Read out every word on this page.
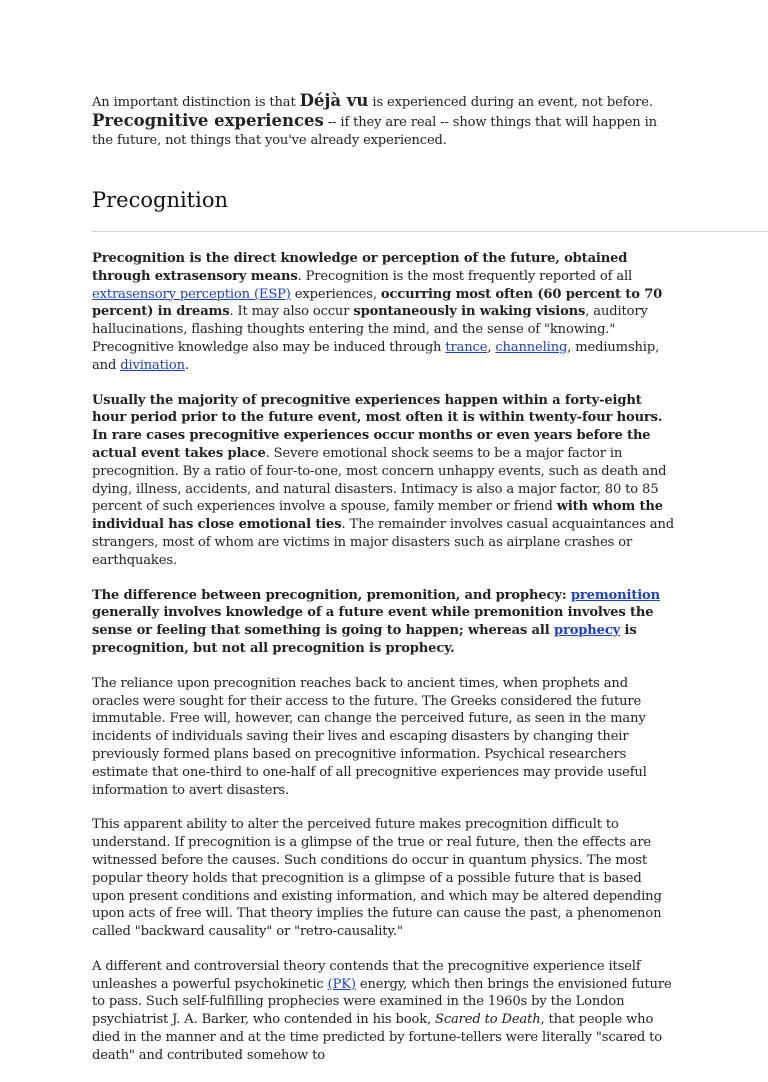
An important distinction is that Déjà vu is experienced during an event, not before.
Precognitive experiences -- if they are real -- show things that will happen in the future, not things that you've already experienced.
Precognition

Precognition is the direct knowledge or perception of the future, obtained through extrasensory means. Precognition is the most frequently reported of all extrasensory perception (ESP) experiences, occurring most often (60 percent to 70 percent) in dreams. It may also occur spontaneously in waking visions, auditory hallucinations, flashing thoughts entering the mind, and the sense of "knowing." Precognitive knowledge also may be induced through trance, channeling, mediumship, and divination.

Usually the majority of precognitive experiences happen within a forty-eight hour period prior to the future event, most often it is within twenty-four hours. In rare cases precognitive experiences occur months or even years before the actual event takes place. Severe emotional shock seems to be a major factor in precognition. By a ratio of four-to-one, most concern unhappy events, such as death and dying, illness, accidents, and natural disasters. Intimacy is also a major factor, 80 to 85 percent of such experiences involve a spouse, family member or friend with whom the individual has close emotional ties. The remainder involves casual acquaintances and strangers, most of whom are victims in major disasters such as airplane crashes or earthquakes.

The difference between precognition, premonition, and prophecy: premonition generally involves knowledge of a future event while premonition involves the sense or feeling that something is going to happen; whereas all prophecy is precognition, but not all precognition is prophecy.

The reliance upon precognition reaches back to ancient times, when prophets and oracles were sought for their access to the future. The Greeks considered the future immutable. Free will, however, can change the perceived future, as seen in the many incidents of individuals saving their lives and escaping disasters by changing their previously formed plans based on precognitive information. Psychical researchers estimate that one-third to one-half of all precognitive experiences may provide useful information to avert disasters.

This apparent ability to alter the perceived future makes precognition difficult to understand. If precognition is a glimpse of the true or real future, then the effects are witnessed before the causes. Such conditions do occur in quantum physics. The most popular theory holds that precognition is a glimpse of a possible future that is based upon present conditions and existing information, and which may be altered depending upon acts of free will. That theory implies the future can cause the past, a phenomenon called "backward causality" or "retro-causality."

A different and controversial theory contends that the precognitive experience itself unleashes a powerful psychokinetic (PK) energy, which then brings the envisioned future to pass. Such self-fulfilling prophecies were examined in the 1960s by the London psychiatrist J. A. Barker, who contended in his book, Scared to Death, that people who died in the manner and at the time predicted by fortune-tellers were literally "scared to death" and contributed somehow to
